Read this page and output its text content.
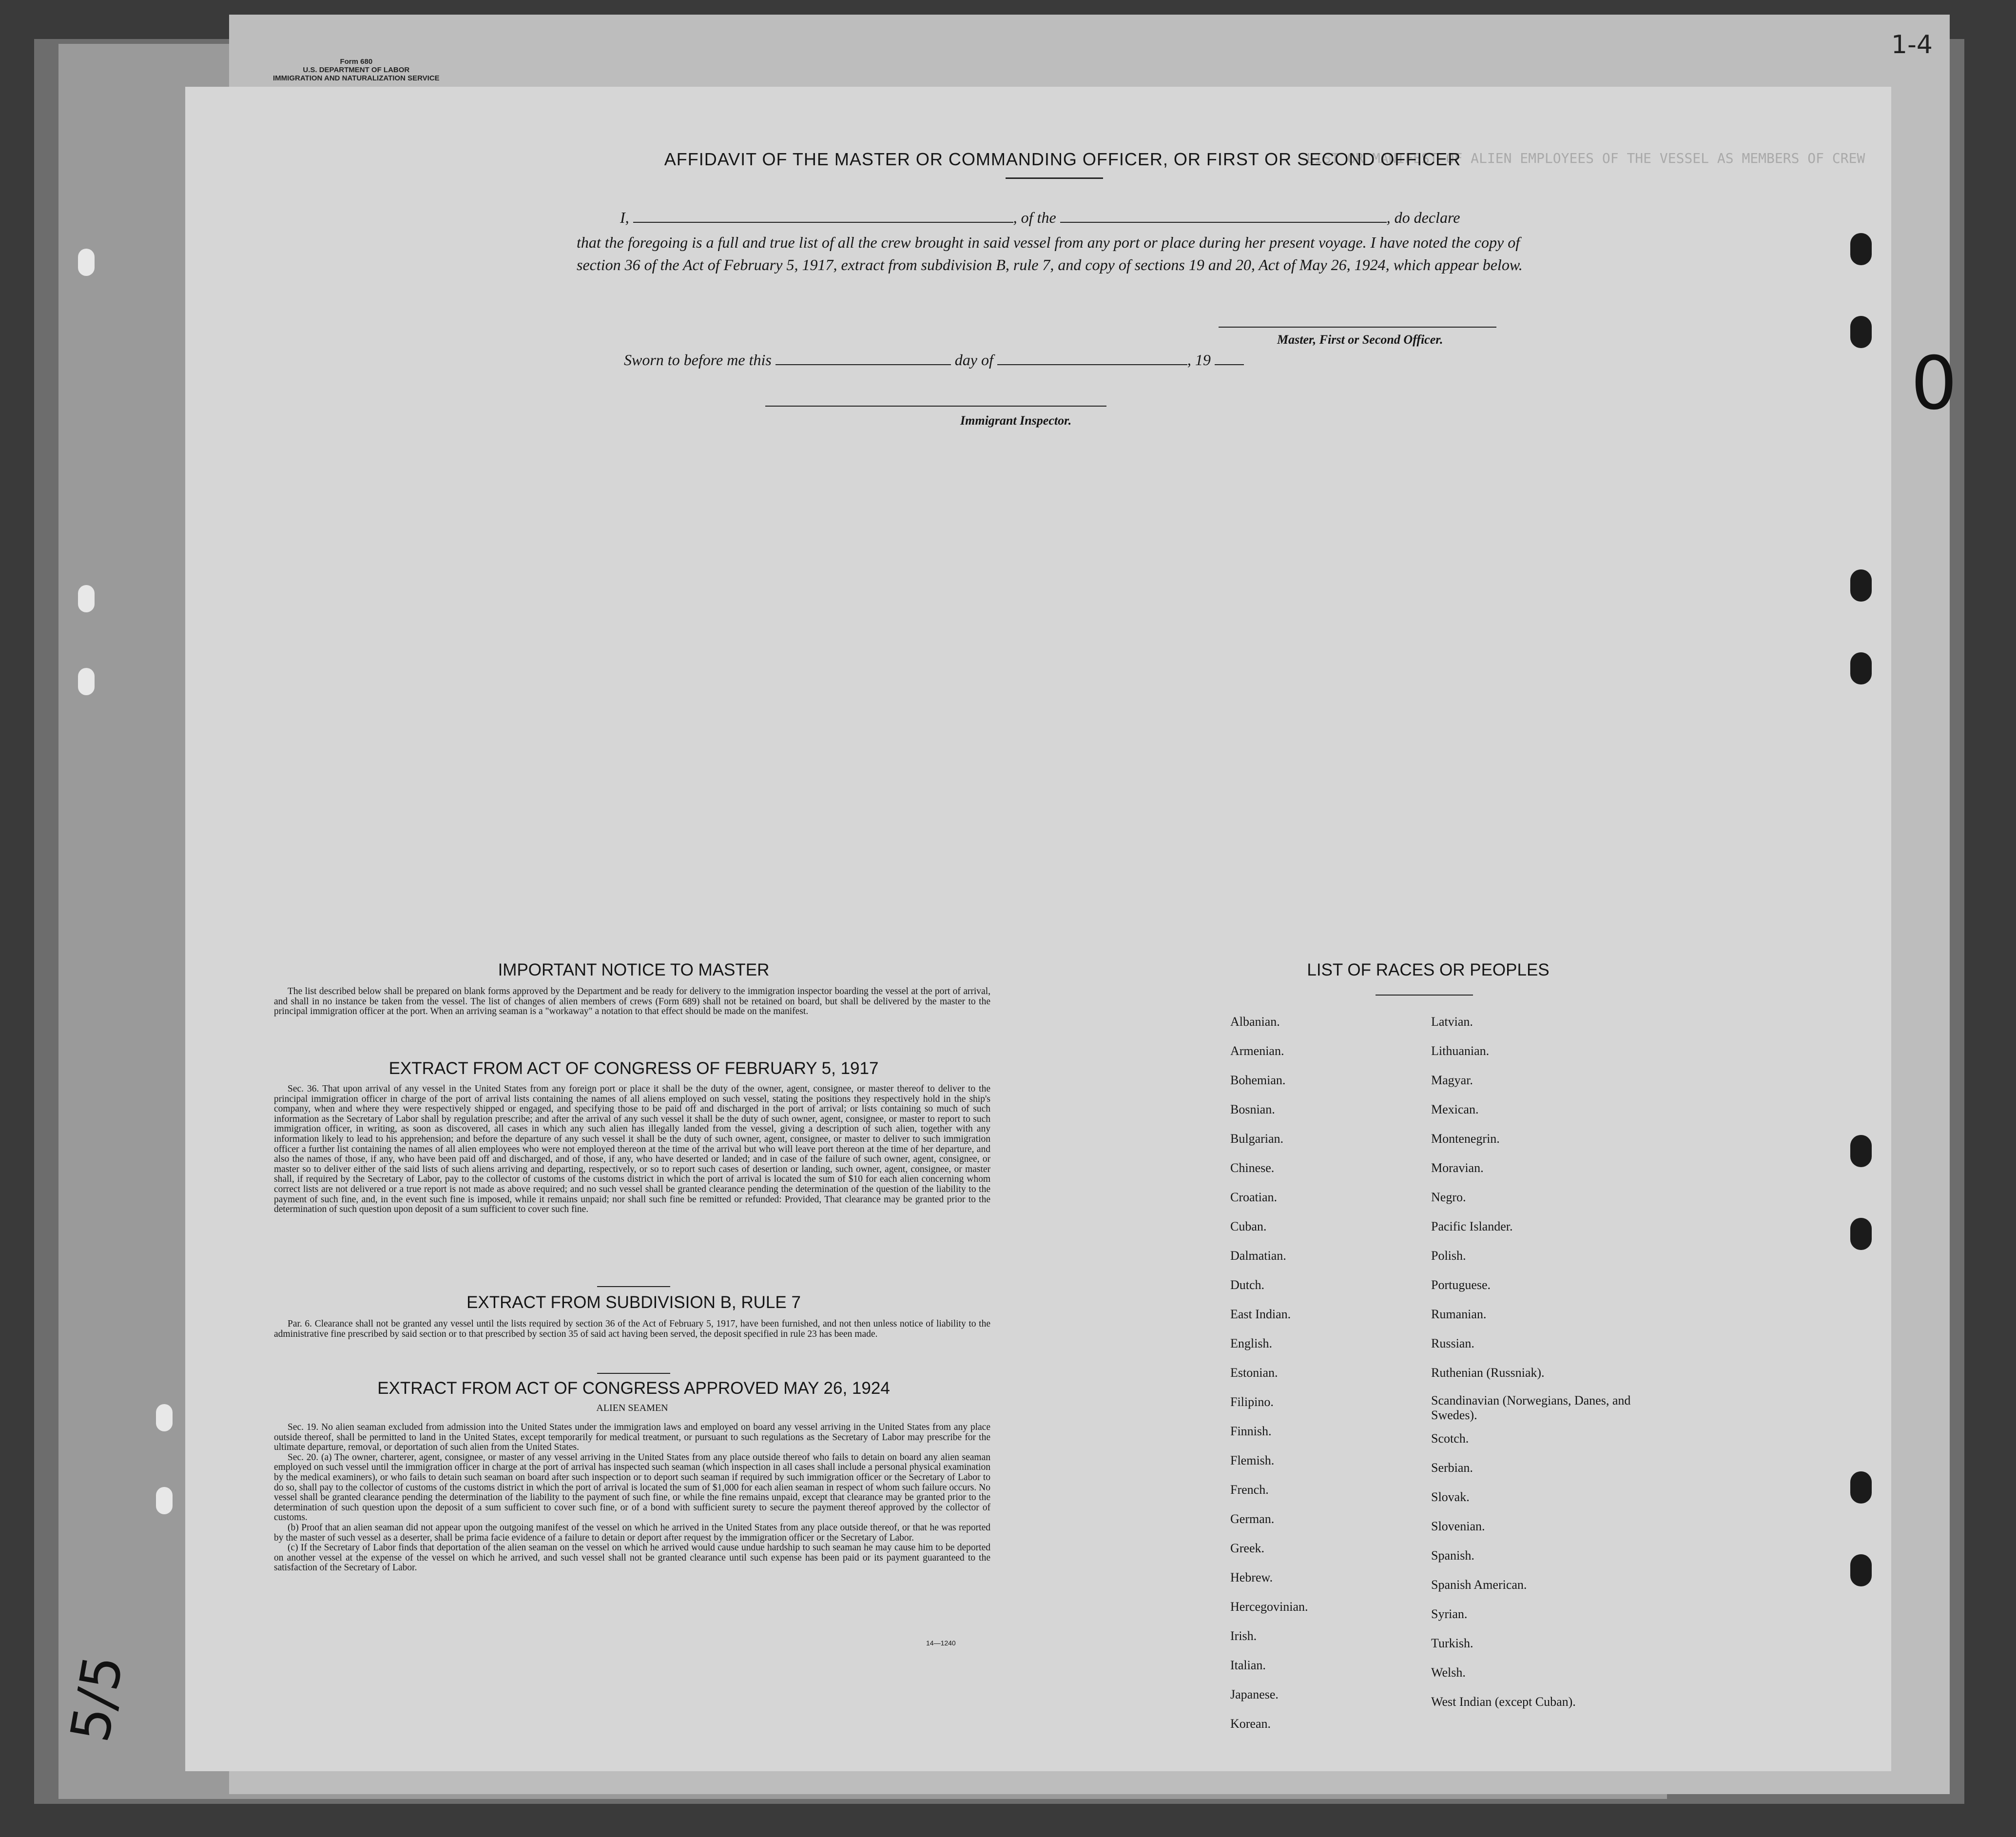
Form 680
U.S. DEPARTMENT OF LABOR
IMMIGRATION AND NATURALIZATION SERVICE
1-4
LIST OR MANIFEST OF ALIEN EMPLOYEES OF THE VESSEL AS MEMBERS OF CREW
0
5/5
AFFIDAVIT OF THE MASTER OR COMMANDING OFFICER, OR FIRST OR SECOND OFFICER
I,	, of the	, do declare
that the foregoing is a full and true list of all the crew brought in said vessel from any port or place during her present voyage. I have noted the copy of section 36 of the Act of February 5, 1917, extract from subdivision B, rule 7, and copy of sections 19 and 20, Act of May 26, 1924, which appear below.
Master, First or Second Officer.
Sworn to before me this	day of	, 19
Immigrant Inspector.
IMPORTANT NOTICE TO MASTER

The list described below shall be prepared on blank forms approved by the Department and be ready for delivery to the immigration inspector boarding the vessel at the port of arrival, and shall in no instance be taken from the vessel. The list of changes of alien members of crews (Form 689) shall not be retained on board, but shall be delivered by the master to the principal immigration officer at the port. When an arriving seaman is a "workaway" a notation to that effect should be made on the manifest.

EXTRACT FROM ACT OF CONGRESS OF FEBRUARY 5, 1917

Sec. 36. That upon arrival of any vessel in the United States from any foreign port or place it shall be the duty of the owner, agent, consignee, or master thereof to deliver to the principal immigration officer in charge of the port of arrival lists containing the names of all aliens employed on such vessel, stating the positions they respectively hold in the ship's company, when and where they were respectively shipped or engaged, and specifying those to be paid off and discharged in the port of arrival; or lists containing so much of such information as the Secretary of Labor shall by regulation prescribe; and after the arrival of any such vessel it shall be the duty of such owner, agent, consignee, or master to report to such immigration officer, in writing, as soon as discovered, all cases in which any such alien has illegally landed from the vessel, giving a description of such alien, together with any information likely to lead to his apprehension; and before the departure of any such vessel it shall be the duty of such owner, agent, consignee, or master to deliver to such immigration officer a further list containing the names of all alien employees who were not employed thereon at the time of the arrival but who will leave port thereon at the time of her departure, and also the names of those, if any, who have been paid off and discharged, and of those, if any, who have deserted or landed; and in case of the failure of such owner, agent, consignee, or master so to deliver either of the said lists of such aliens arriving and departing, respectively, or so to report such cases of desertion or landing, such owner, agent, consignee, or master shall, if required by the Secretary of Labor, pay to the collector of customs of the customs district in which the port of arrival is located the sum of $10 for each alien concerning whom correct lists are not delivered or a true report is not made as above required; and no such vessel shall be granted clearance pending the determination of the question of the liability to the payment of such fine, and, in the event such fine is imposed, while it remains unpaid; nor shall such fine be remitted or refunded: Provided, That clearance may be granted prior to the determination of such question upon deposit of a sum sufficient to cover such fine.

EXTRACT FROM SUBDIVISION B, RULE 7

Par. 6. Clearance shall not be granted any vessel until the lists required by section 36 of the Act of February 5, 1917, have been furnished, and not then unless notice of liability to the administrative fine prescribed by said section or to that prescribed by section 35 of said act having been served, the deposit specified in rule 23 has been made.

EXTRACT FROM ACT OF CONGRESS APPROVED MAY 26, 1924
ALIEN SEAMEN

Sec. 19. No alien seaman excluded from admission into the United States under the immigration laws and employed on board any vessel arriving in the United States from any place outside thereof, shall be permitted to land in the United States, except temporarily for medical treatment, or pursuant to such regulations as the Secretary of Labor may prescribe for the ultimate departure, removal, or deportation of such alien from the United States.

Sec. 20. (a) The owner, charterer, agent, consignee, or master of any vessel arriving in the United States from any place outside thereof who fails to detain on board any alien seaman employed on such vessel until the immigration officer in charge at the port of arrival has inspected such seaman (which inspection in all cases shall include a personal physical examination by the medical examiners), or who fails to detain such seaman on board after such inspection or to deport such seaman if required by such immigration officer or the Secretary of Labor to do so, shall pay to the collector of customs of the customs district in which the port of arrival is located the sum of $1,000 for each alien seaman in respect of whom such failure occurs. No vessel shall be granted clearance pending the determination of the liability to the payment of such fine, or while the fine remains unpaid, except that clearance may be granted prior to the determination of such question upon the deposit of a sum sufficient to cover such fine, or of a bond with sufficient surety to secure the payment thereof approved by the collector of customs.

(b) Proof that an alien seaman did not appear upon the outgoing manifest of the vessel on which he arrived in the United States from any place outside thereof, or that he was reported by the master of such vessel as a deserter, shall be prima facie evidence of a failure to detain or deport after request by the immigration officer or the Secretary of Labor.

(c) If the Secretary of Labor finds that deportation of the alien seaman on the vessel on which he arrived would cause undue hardship to such seaman he may cause him to be deported on another vessel at the expense of the vessel on which he arrived, and such vessel shall not be granted clearance until such expense has been paid or its payment guaranteed to the satisfaction of the Secretary of Labor.

14—1240
LIST OF RACES OR PEOPLES
Albanian.
Armenian.
Bohemian.
Bosnian.
Bulgarian.
Chinese.
Croatian.
Cuban.
Dalmatian.
Dutch.
East Indian.
English.
Estonian.
Filipino.
Finnish.
Flemish.
French.
German.
Greek.
Hebrew.
Hercegovinian.
Irish.
Italian.
Japanese.
Korean.
Latvian.
Lithuanian.
Magyar.
Mexican.
Montenegrin.
Moravian.
Negro.
Pacific Islander.
Polish.
Portuguese.
Rumanian.
Russian.
Ruthenian (Russniak).
Scandinavian (Norwegians, Danes, and Swedes).
Scotch.
Serbian.
Slovak.
Slovenian.
Spanish.
Spanish American.
Syrian.
Turkish.
Welsh.
West Indian (except Cuban).
